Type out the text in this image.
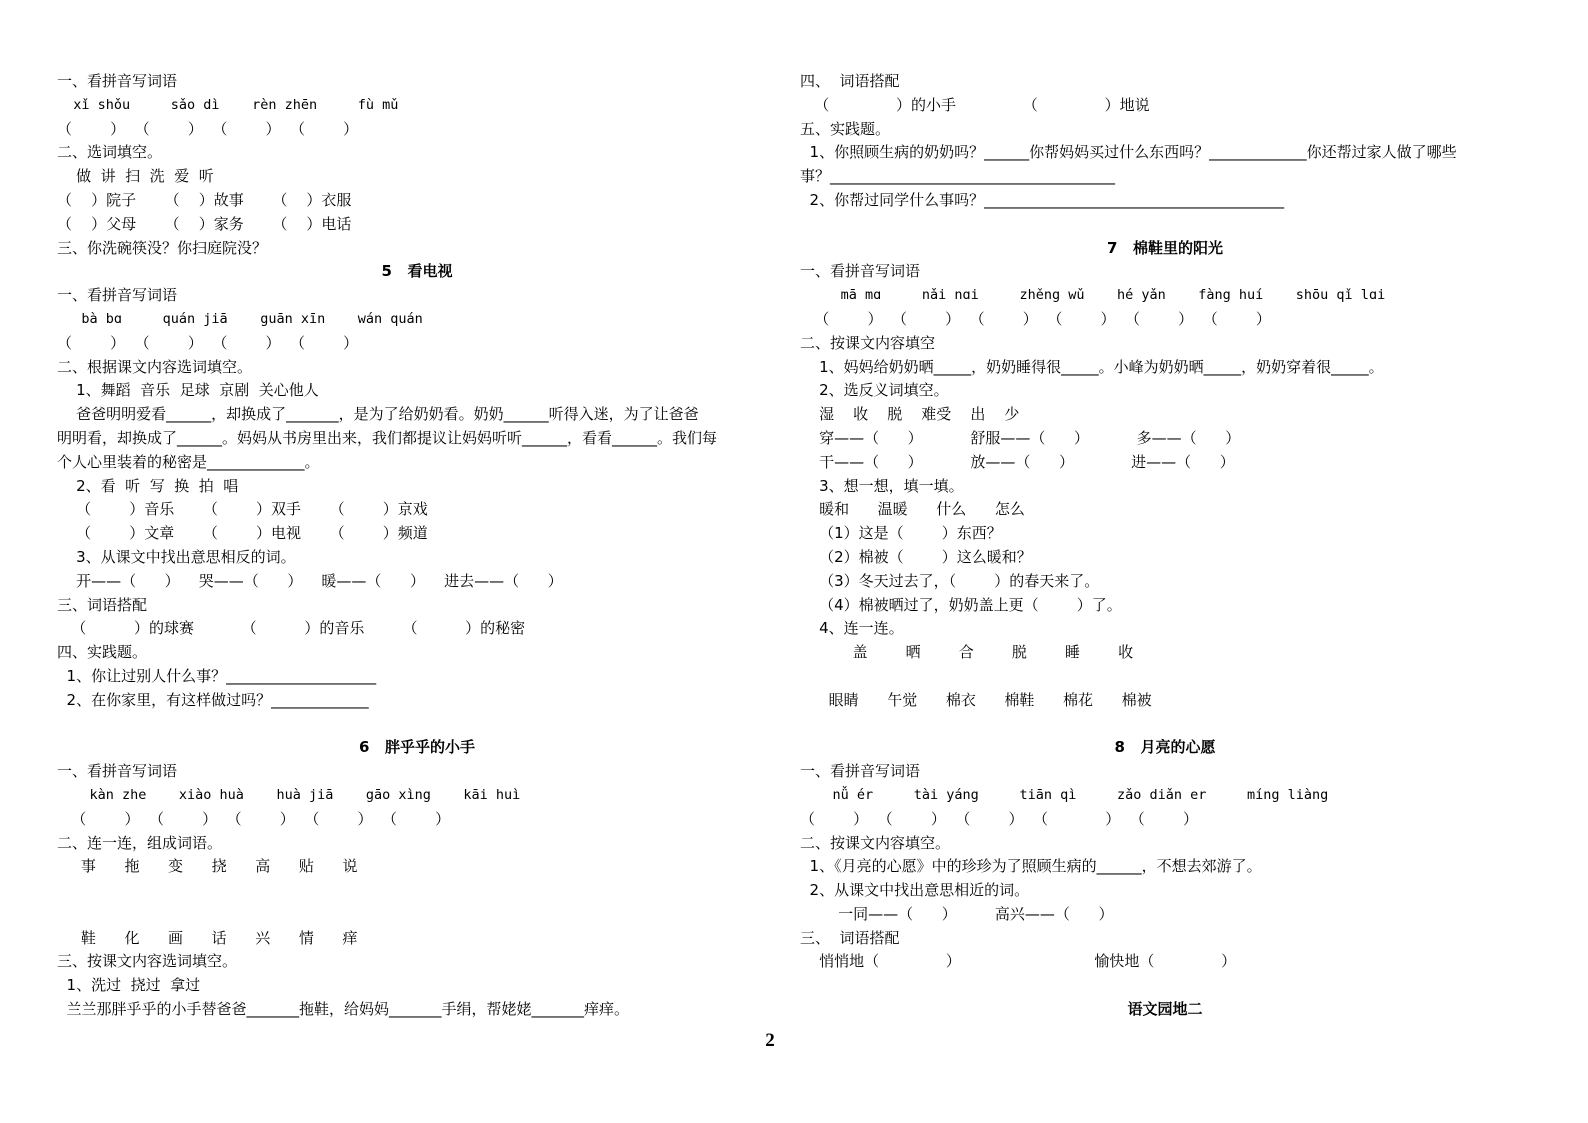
一、看拼音写词语
xǐ shǒu     sǎo dì    rèn zhēn     fù mǔ
（        ）  （        ）  （        ）  （        ）
二、选词填空。
做  讲  扫  洗  爱  听
（    ）院子      （    ）故事      （    ）衣服
（    ）父母      （    ）家务      （    ）电话
三、你洗碗筷没？你扫庭院没？
5   看电视
一、看拼音写词语
bà bɑ     quán jiā    guān xīn    wán quán
（        ）  （        ）  （        ）  （        ）
二、根据课文内容选词填空。
1、舞蹈  音乐  足球  京剧  关心他人
爸爸明明爱看______，却换成了_______，是为了给奶奶看。奶奶______听得入迷，为了让爸爸
明明看，却换成了______。妈妈从书房里出来，我们都提议让妈妈听听______，看看______。我们每
个人心里装着的秘密是_____________。
2、看  听  写  换  拍  唱
（        ）音乐      （        ）双手      （        ）京戏
（        ）文章      （        ）电视      （        ）频道
3、从课文中找出意思相反的词。
开——（      ）    哭——（      ）    暖——（      ）    进去——（      ）
三、词语搭配
（          ）的球赛          （          ）的音乐        （          ）的秘密
四、实践题。
1、你让过别人什么事？____________________
2、在你家里，有这样做过吗？_____________
6   胖乎乎的小手
一、看拼音写词语
kàn zhe    xiào huà    huà jiā    gāo xìng    kāi huì
（        ）  （        ）  （        ）  （        ）  （        ）
二、连一连，组成词语。
事      拖      变      挠      高      贴      说
鞋      化      画      话      兴      情      痒
三、按课文内容选词填空。
1、洗过  挠过  拿过
兰兰那胖乎乎的小手替爸爸_______拖鞋，给妈妈_______手绢，帮姥姥_______痒痒。
四、  词语搭配
（              ）的小手              （              ）地说
五、实践题。
1、你照顾生病的奶奶吗？______你帮妈妈买过什么东西吗？_____________你还帮过家人做了哪些
事？______________________________________
2、你帮过同学什么事吗？________________________________________
7   棉鞋里的阳光
一、看拼音写词语
mā mɑ     nǎi nɑi     zhěng wǔ    hé yǎn    fàng huí    shōu qǐ lɑi
（        ）  （        ）  （        ）  （        ）  （        ）  （        ）
二、按课文内容填空
1、妈妈给奶奶晒_____，奶奶睡得很_____。小峰为奶奶晒_____，奶奶穿着很_____。
2、选反义词填空。
湿    收    脱    难受    出    少
穿——（      ）          舒服——（      ）          多——（      ）
干——（      ）          放——（      ）            进——（      ）
3、想一想，填一填。
暖和      温暖      什么      怎么
（1）这是（        ）东西？
（2）棉被（        ）这么暖和？
（3）冬天过去了，（        ）的春天来了。
（4）棉被晒过了，奶奶盖上更（        ）了。
4、连一连。
盖        晒        合        脱        睡        收
眼睛      午觉      棉衣      棉鞋      棉花      棉被
8   月亮的心愿
一、看拼音写词语
nǚ ér     tài yáng     tiān qì     zǎo diǎn er     míng liàng
（        ）  （        ）  （        ）  （            ）  （        ）
二、按课文内容填空。
1、《月亮的心愿》中的珍珍为了照顾生病的______，不想去郊游了。
2、从课文中找出意思相近的词。
一同——（      ）        高兴——（      ）
三、  词语搭配
悄悄地（              ）                            愉快地（              ）
语文园地二
2
